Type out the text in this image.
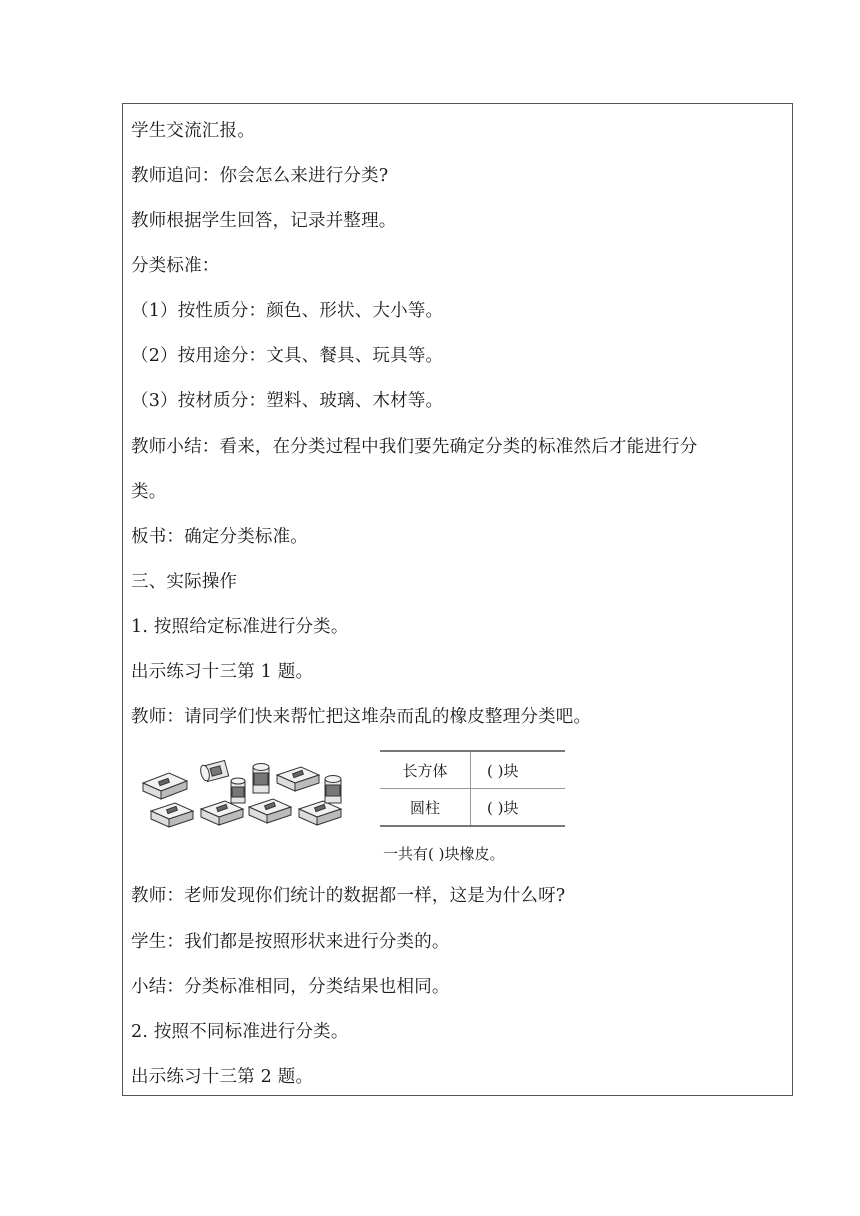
学生交流汇报。
教师追问：你会怎么来进行分类?
教师根据学生回答，记录并整理。
分类标准：
（1）按性质分：颜色、形状、大小等。
（2）按用途分：文具、餐具、玩具等。
（3）按材质分：塑料、玻璃、木材等。
教师小结：看来，在分类过程中我们要先确定分类的标准然后才能进行分
类。
板书：确定分类标准。
三、实际操作
1. 按照给定标准进行分类。
出示练习十三第 1 题。
教师：请同学们快来帮忙把这堆杂而乱的橡皮整理分类吧。
长方体	( )块
圆柱	( )块
一共有( )块橡皮。
教师：老师发现你们统计的数据都一样，这是为什么呀?
学生：我们都是按照形状来进行分类的。
小结：分类标准相同，分类结果也相同。
2. 按照不同标准进行分类。
出示练习十三第 2 题。
